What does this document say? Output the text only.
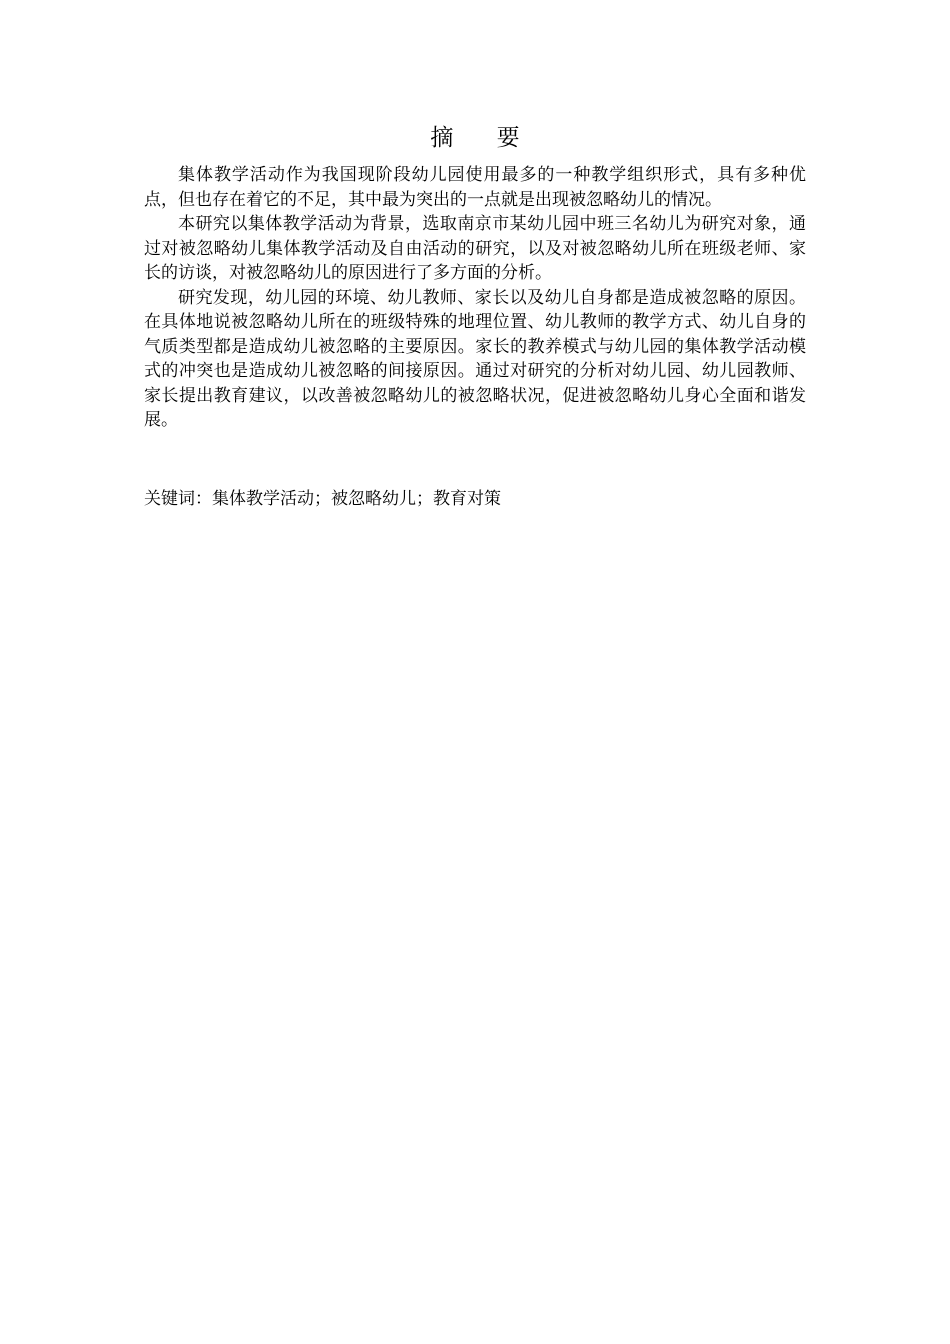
摘 要

集体教学活动作为我国现阶段幼儿园使用最多的一种教学组织形式，具有多种优点，但也存在着它的不足，其中最为突出的一点就是出现被忽略幼儿的情况。

本研究以集体教学活动为背景，选取南京市某幼儿园中班三名幼儿为研究对象，通过对被忽略幼儿集体教学活动及自由活动的研究，以及对被忽略幼儿所在班级老师、家长的访谈，对被忽略幼儿的原因进行了多方面的分析。

研究发现，幼儿园的环境、幼儿教师、家长以及幼儿自身都是造成被忽略的原因。在具体地说被忽略幼儿所在的班级特殊的地理位置、幼儿教师的教学方式、幼儿自身的气质类型都是造成幼儿被忽略的主要原因。家长的教养模式与幼儿园的集体教学活动模式的冲突也是造成幼儿被忽略的间接原因。通过对研究的分析对幼儿园、幼儿园教师、家长提出教育建议，以改善被忽略幼儿的被忽略状况，促进被忽略幼儿身心全面和谐发展。

关键词：集体教学活动；被忽略幼儿；教育对策
